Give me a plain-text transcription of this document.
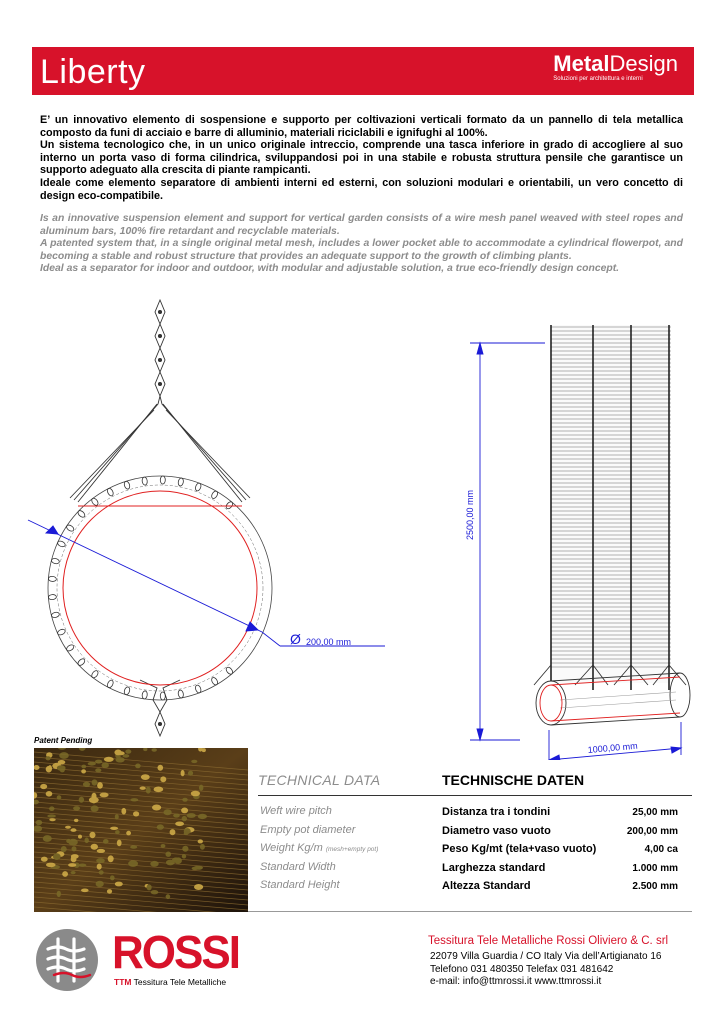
Liberty	MetalDesign
Soluzioni per architettura e interni
E’ un innovativo elemento di sospensione e supporto per coltivazioni verticali formato da un pannello di tela metallica composto da funi di acciaio e barre di alluminio, materiali riciclabili e ignifughi al 100%.
Un sistema tecnologico che, in un unico originale intreccio, comprende una tasca inferiore in grado di accogliere al suo interno un porta vaso di forma cilindrica, sviluppandosi poi in una stabile e robusta struttura pensile che garantisce un supporto adeguato alla crescita di piante rampicanti.
Ideale come elemento separatore di ambienti interni ed esterni, con soluzioni modulari e orientabili, un vero concetto di design eco-compatibile.
Is an innovative suspension element and support for vertical garden consists of a wire mesh panel weaved with steel ropes and aluminum bars, 100% fire retardant and recyclable materials.
A patented system that, in a single original metal mesh, includes a lower pocket able to accommodate a cylindrical flowerpot, and becoming a stable and robust structure that provides an adequate support to the growth of climbing plants.
Ideal as a separator for indoor and outdoor, with modular and adjustable solution, a true eco-friendly design concept.
Ø 200,00 mm
2500,00 mm
1000,00 mm
Patent Pending
TECHNICAL DATA	TECHNISCHE DATEN
Weft wire pitch	Distanza tra i tondini	25,00 mm
Empty pot diameter	Diametro vaso vuoto	200,00 mm
Weight Kg/m (mesh+empty pot)	Peso Kg/mt (tela+vaso vuoto)	4,00 ca
Standard Width	Larghezza standard	1.000 mm
Standard Height	Altezza Standard	2.500 mm
ROSSI
TTM Tessitura Tele Metalliche
Tessitura Tele Metalliche Rossi Oliviero & C. srl
22079 Villa Guardia / CO Italy Via dell’Artigianato 16
Telefono 031 480350 Telefax 031 481642
e-mail: info@ttmrossi.it www.ttmrossi.it
